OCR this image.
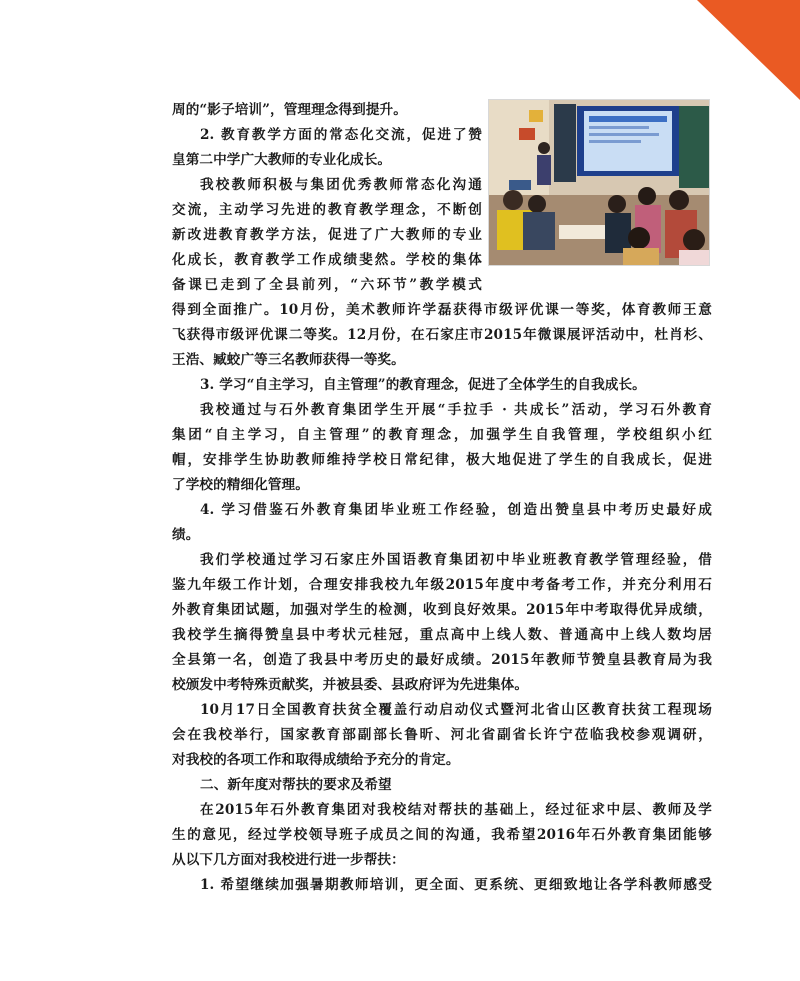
周的“影子培训”，管理理念得到提升。
2. 教育教学方面的常态化交流，促进了赞
皇第二中学广大教师的专业化成长。
我校教师积极与集团优秀教师常态化沟通
交流，主动学习先进的教育教学理念，不断创
新改进教育教学方法，促进了广大教师的专业
化成长，教育教学工作成绩斐然。学校的集体
备课已走到了全县前列，“六环节”教学模式
得到全面推广。10月份，美术教师许学磊获得市级评优课一等奖，体育教师王意
飞获得市级评优课二等奖。12月份，在石家庄市2015年微课展评活动中，杜肖杉、
王浩、臧蛟广等三名教师获得一等奖。
3. 学习“自主学习，自主管理”的教育理念，促进了全体学生的自我成长。
我校通过与石外教育集团学生开展“手拉手 · 共成长”活动，学习石外教育
集团“自主学习，自主管理”的教育理念，加强学生自我管理，学校组织小红
帽，安排学生协助教师维持学校日常纪律，极大地促进了学生的自我成长，促进
了学校的精细化管理。
4. 学习借鉴石外教育集团毕业班工作经验，创造出赞皇县中考历史最好成
绩。
我们学校通过学习石家庄外国语教育集团初中毕业班教育教学管理经验，借
鉴九年级工作计划，合理安排我校九年级2015年度中考备考工作，并充分利用石
外教育集团试题，加强对学生的检测，收到良好效果。2015年中考取得优异成绩，
我校学生摘得赞皇县中考状元桂冠，重点高中上线人数、普通高中上线人数均居
全县第一名，创造了我县中考历史的最好成绩。2015年教师节赞皇县教育局为我
校颁发中考特殊贡献奖，并被县委、县政府评为先进集体。
10月17日全国教育扶贫全覆盖行动启动仪式暨河北省山区教育扶贫工程现场
会在我校举行，国家教育部副部长鲁昕、河北省副省长许宁莅临我校参观调研，
对我校的各项工作和取得成绩给予充分的肯定。
二、新年度对帮扶的要求及希望
在2015年石外教育集团对我校结对帮扶的基础上，经过征求中层、教师及学
生的意见，经过学校领导班子成员之间的沟通，我希望2016年石外教育集团能够
从以下几方面对我校进行进一步帮扶：
1. 希望继续加强暑期教师培训，更全面、更系统、更细致地让各学科教师感受
